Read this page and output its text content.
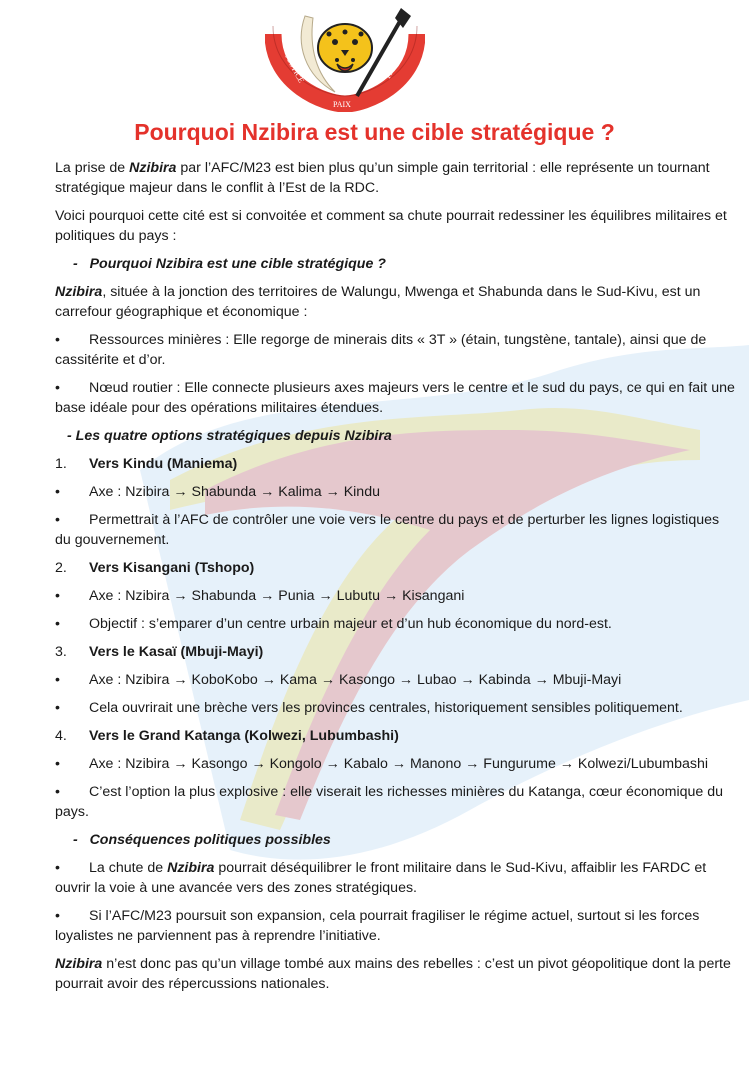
JUSTICE
PAIX
TRAVAIL
Pourquoi Nzibira est une cible stratégique ?

La prise de Nzibira par l’AFC/M23 est bien plus qu’un simple gain territorial : elle représente un tournant stratégique majeur dans le conflit à l’Est de la RDC.

Voici pourquoi cette cité est si convoitée et comment sa chute pourrait redessiner les équilibres militaires et politiques du pays :

- Pourquoi Nzibira est une cible stratégique ?

Nzibira, située à la jonction des territoires de Walungu, Mwenga et Shabunda dans le Sud-Kivu, est un carrefour géographique et économique :

• Ressources minières : Elle regorge de minerais dits « 3T » (étain, tungstène, tantale), ainsi que de cassitérite et d’or.

• Nœud routier : Elle connecte plusieurs axes majeurs vers le centre et le sud du pays, ce qui en fait une base idéale pour des opérations militaires étendues.

- Les quatre options stratégiques depuis Nzibira

1. Vers Kindu (Maniema)

• Axe : Nzibira → Shabunda → Kalima → Kindu

• Permettrait à l’AFC de contrôler une voie vers le centre du pays et de perturber les lignes logistiques du gouvernement.

2. Vers Kisangani (Tshopo)

• Axe : Nzibira → Shabunda → Punia → Lubutu → Kisangani

• Objectif : s’emparer d’un centre urbain majeur et d’un hub économique du nord-est.

3. Vers le Kasaï (Mbuji-Mayi)

• Axe : Nzibira → KoboKobo → Kama → Kasongo → Lubao → Kabinda → Mbuji-Mayi

• Cela ouvrirait une brèche vers les provinces centrales, historiquement sensibles politiquement.

4. Vers le Grand Katanga (Kolwezi, Lubumbashi)

• Axe : Nzibira → Kasongo → Kongolo → Kabalo → Manono → Fungurume → Kolwezi/Lubumbashi

• C’est l’option la plus explosive : elle viserait les richesses minières du Katanga, cœur économique du pays.

- Conséquences politiques possibles

• La chute de Nzibira pourrait déséquilibrer le front militaire dans le Sud-Kivu, affaiblir les FARDC et ouvrir la voie à une avancée vers des zones stratégiques.

• Si l’AFC/M23 poursuit son expansion, cela pourrait fragiliser le régime actuel, surtout si les forces loyalistes ne parviennent pas à reprendre l’initiative.

Nzibira n’est donc pas qu’un village tombé aux mains des rebelles : c’est un pivot géopolitique dont la perte pourrait avoir des répercussions nationales.
